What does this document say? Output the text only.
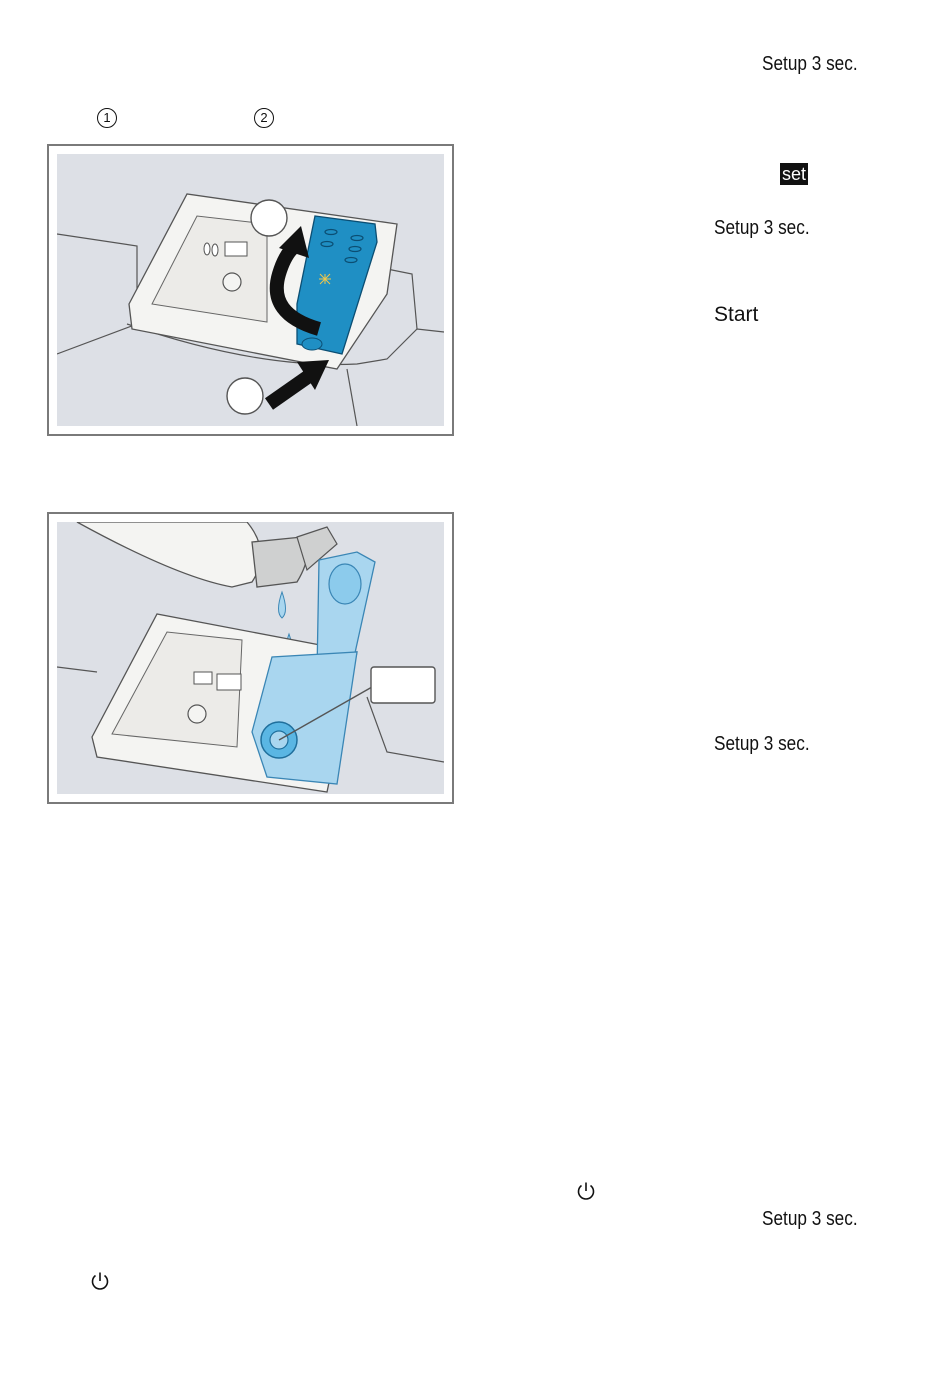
Setup 3 sec.
1	2
set
Setup 3 sec.
Start
Setup 3 sec.
Setup 3 sec.
